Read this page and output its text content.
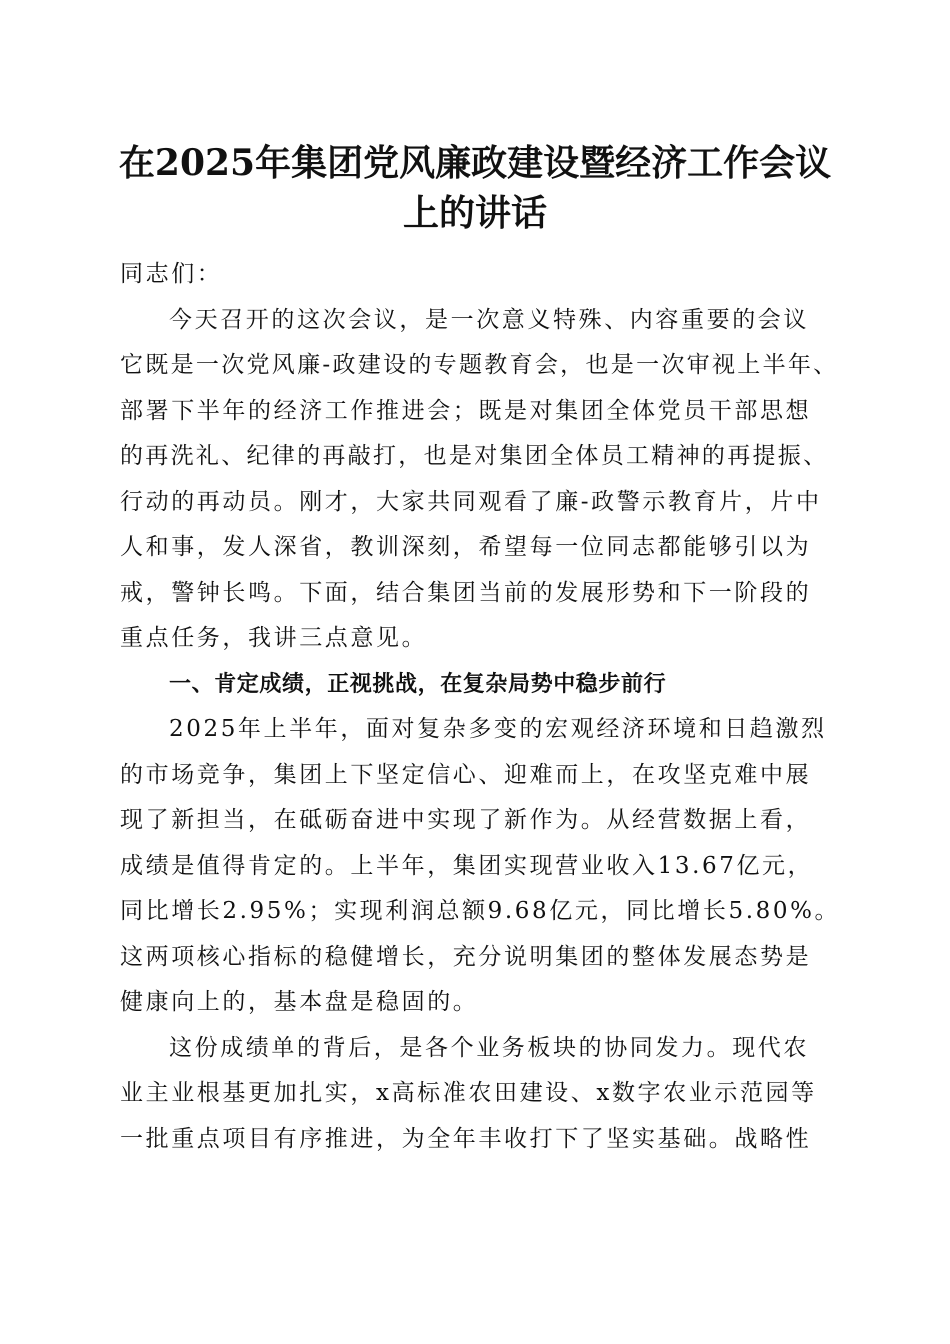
在2025年集团党风廉政建设暨经济工作会议
上的讲话
同志们：
今天召开的这次会议，是一次意义特殊、内容重要的会议
它既是一次党风廉-政建设的专题教育会，也是一次审视上半年、
部署下半年的经济工作推进会；既是对集团全体党员干部思想
的再洗礼、纪律的再敲打，也是对集团全体员工精神的再提振、
行动的再动员。刚才，大家共同观看了廉-政警示教育片，片中
人和事，发人深省，教训深刻，希望每一位同志都能够引以为
戒，警钟长鸣。下面，结合集团当前的发展形势和下一阶段的
重点任务，我讲三点意见。
一、肯定成绩，正视挑战，在复杂局势中稳步前行
2025年上半年，面对复杂多变的宏观经济环境和日趋激烈
的市场竞争，集团上下坚定信心、迎难而上，在攻坚克难中展
现了新担当，在砥砺奋进中实现了新作为。从经营数据上看，
成绩是值得肯定的。上半年，集团实现营业收入13.67亿元，
同比增长2.95%；实现利润总额9.68亿元，同比增长5.80%。
这两项核心指标的稳健增长，充分说明集团的整体发展态势是
健康向上的，基本盘是稳固的。
这份成绩单的背后，是各个业务板块的协同发力。现代农
业主业根基更加扎实，x高标准农田建设、x数字农业示范园等
一批重点项目有序推进，为全年丰收打下了坚实基础。战略性
